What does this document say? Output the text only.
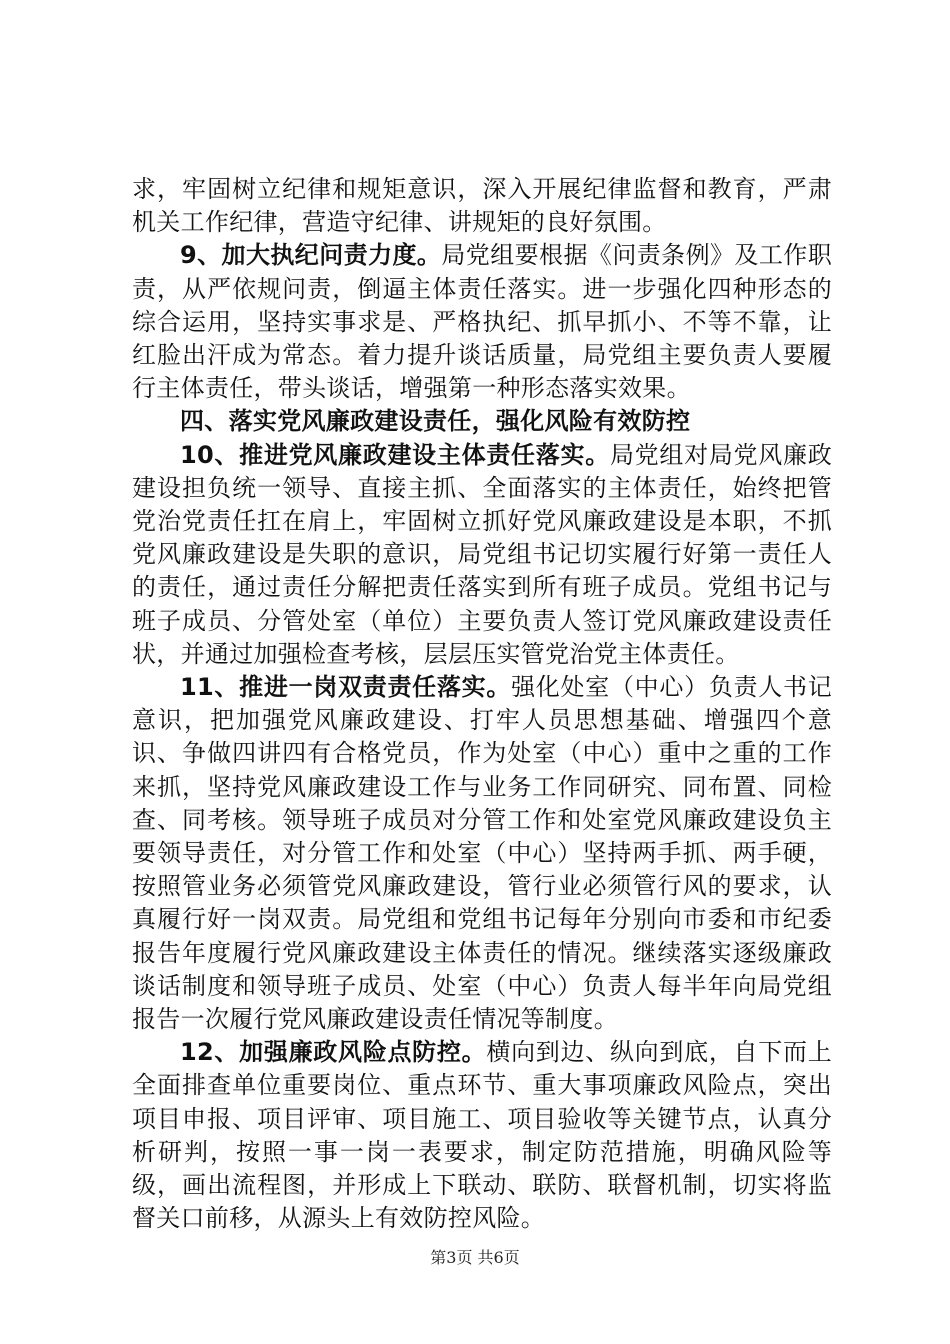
求，牢固树立纪律和规矩意识，深入开展纪律监督和教育，严肃机关工作纪律，营造守纪律、讲规矩的良好氛围。

9、加大执纪问责力度。局党组要根据《问责条例》及工作职责，从严依规问责，倒逼主体责任落实。进一步强化四种形态的综合运用，坚持实事求是、严格执纪、抓早抓小、不等不靠，让红脸出汗成为常态。着力提升谈话质量，局党组主要负责人要履行主体责任，带头谈话，增强第一种形态落实效果。

四、落实党风廉政建设责任，强化风险有效防控

10、推进党风廉政建设主体责任落实。局党组对局党风廉政建设担负统一领导、直接主抓、全面落实的主体责任，始终把管党治党责任扛在肩上，牢固树立抓好党风廉政建设是本职，不抓党风廉政建设是失职的意识，局党组书记切实履行好第一责任人的责任，通过责任分解把责任落实到所有班子成员。党组书记与班子成员、分管处室（单位）主要负责人签订党风廉政建设责任状，并通过加强检查考核，层层压实管党治党主体责任。

11、推进一岗双责责任落实。强化处室（中心）负责人书记意识，把加强党风廉政建设、打牢人员思想基础、增强四个意识、争做四讲四有合格党员，作为处室（中心）重中之重的工作来抓，坚持党风廉政建设工作与业务工作同研究、同布置、同检查、同考核。领导班子成员对分管工作和处室党风廉政建设负主要领导责任，对分管工作和处室（中心）坚持两手抓、两手硬，按照管业务必须管党风廉政建设，管行业必须管行风的要求，认真履行好一岗双责。局党组和党组书记每年分别向市委和市纪委报告年度履行党风廉政建设主体责任的情况。继续落实逐级廉政谈话制度和领导班子成员、处室（中心）负责人每半年向局党组报告一次履行党风廉政建设责任情况等制度。

12、加强廉政风险点防控。横向到边、纵向到底，自下而上全面排查单位重要岗位、重点环节、重大事项廉政风险点，突出项目申报、项目评审、项目施工、项目验收等关键节点，认真分析研判，按照一事一岗一表要求，制定防范措施，明确风险等级，画出流程图，并形成上下联动、联防、联督机制，切实将监督关口前移，从源头上有效防控风险。

第3页 共6页
